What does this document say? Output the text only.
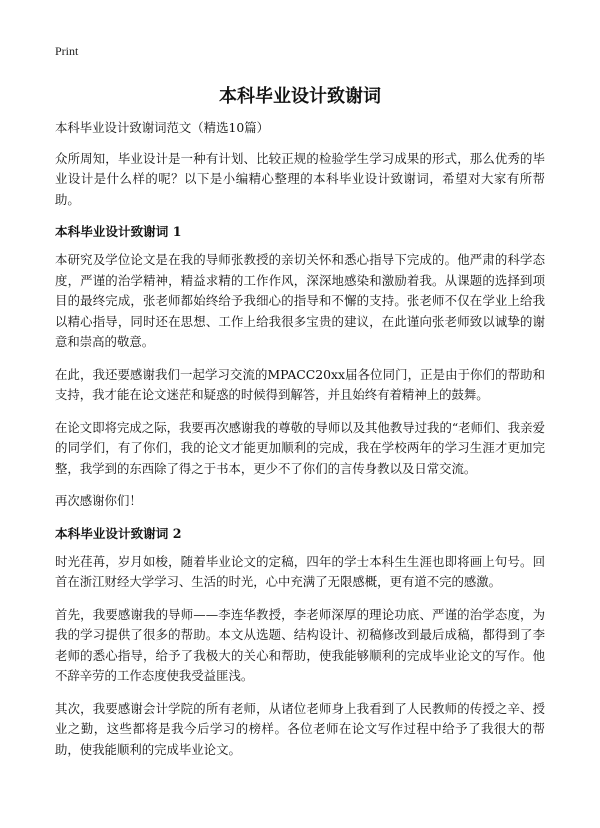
Print
本科毕业设计致谢词

本科毕业设计致谢词范文（精选10篇）

众所周知，毕业设计是一种有计划、比较正规的检验学生学习成果的形式，那么优秀的毕业设计是什么样的呢？以下是小编精心整理的本科毕业设计致谢词，希望对大家有所帮助。

本科毕业设计致谢词 1

本研究及学位论文是在我的导师张教授的亲切关怀和悉心指导下完成的。他严肃的科学态度，严谨的治学精神，精益求精的工作作风，深深地感染和激励着我。从课题的选择到项目的最终完成，张老师都始终给予我细心的指导和不懈的支持。张老师不仅在学业上给我以精心指导，同时还在思想、工作上给我很多宝贵的建议，在此谨向张老师致以诚挚的谢意和崇高的敬意。

在此，我还要感谢我们一起学习交流的MPACC20xx届各位同门，正是由于你们的帮助和支持，我才能在论文迷茫和疑惑的时候得到解答，并且始终有着精神上的鼓舞。

在论文即将完成之际，我要再次感谢我的尊敬的导师以及其他教导过我的“老师们、我亲爱的同学们，有了你们，我的论文才能更加顺利的完成，我在学校两年的学习生涯才更加完整，我学到的东西除了得之于书本，更少不了你们的言传身教以及日常交流。

再次感谢你们！

本科毕业设计致谢词 2

时光荏苒，岁月如梭，随着毕业论文的定稿，四年的学士本科生生涯也即将画上句号。回首在浙江财经大学学习、生活的时光，心中充满了无限感概，更有道不完的感激。

首先，我要感谢我的导师——李连华教授，李老师深厚的理论功底、严谨的治学态度，为我的学习提供了很多的帮助。本文从选题、结构设计、初稿修改到最后成稿，都得到了李老师的悉心指导，给予了我极大的关心和帮助，使我能够顺利的完成毕业论文的写作。他不辞辛劳的工作态度使我受益匪浅。

其次，我要感谢会计学院的所有老师，从诸位老师身上我看到了人民教师的传授之辛、授业之勤，这些都将是我今后学习的榜样。各位老师在论文写作过程中给予了我很大的帮助，使我能顺利的完成毕业论文。
